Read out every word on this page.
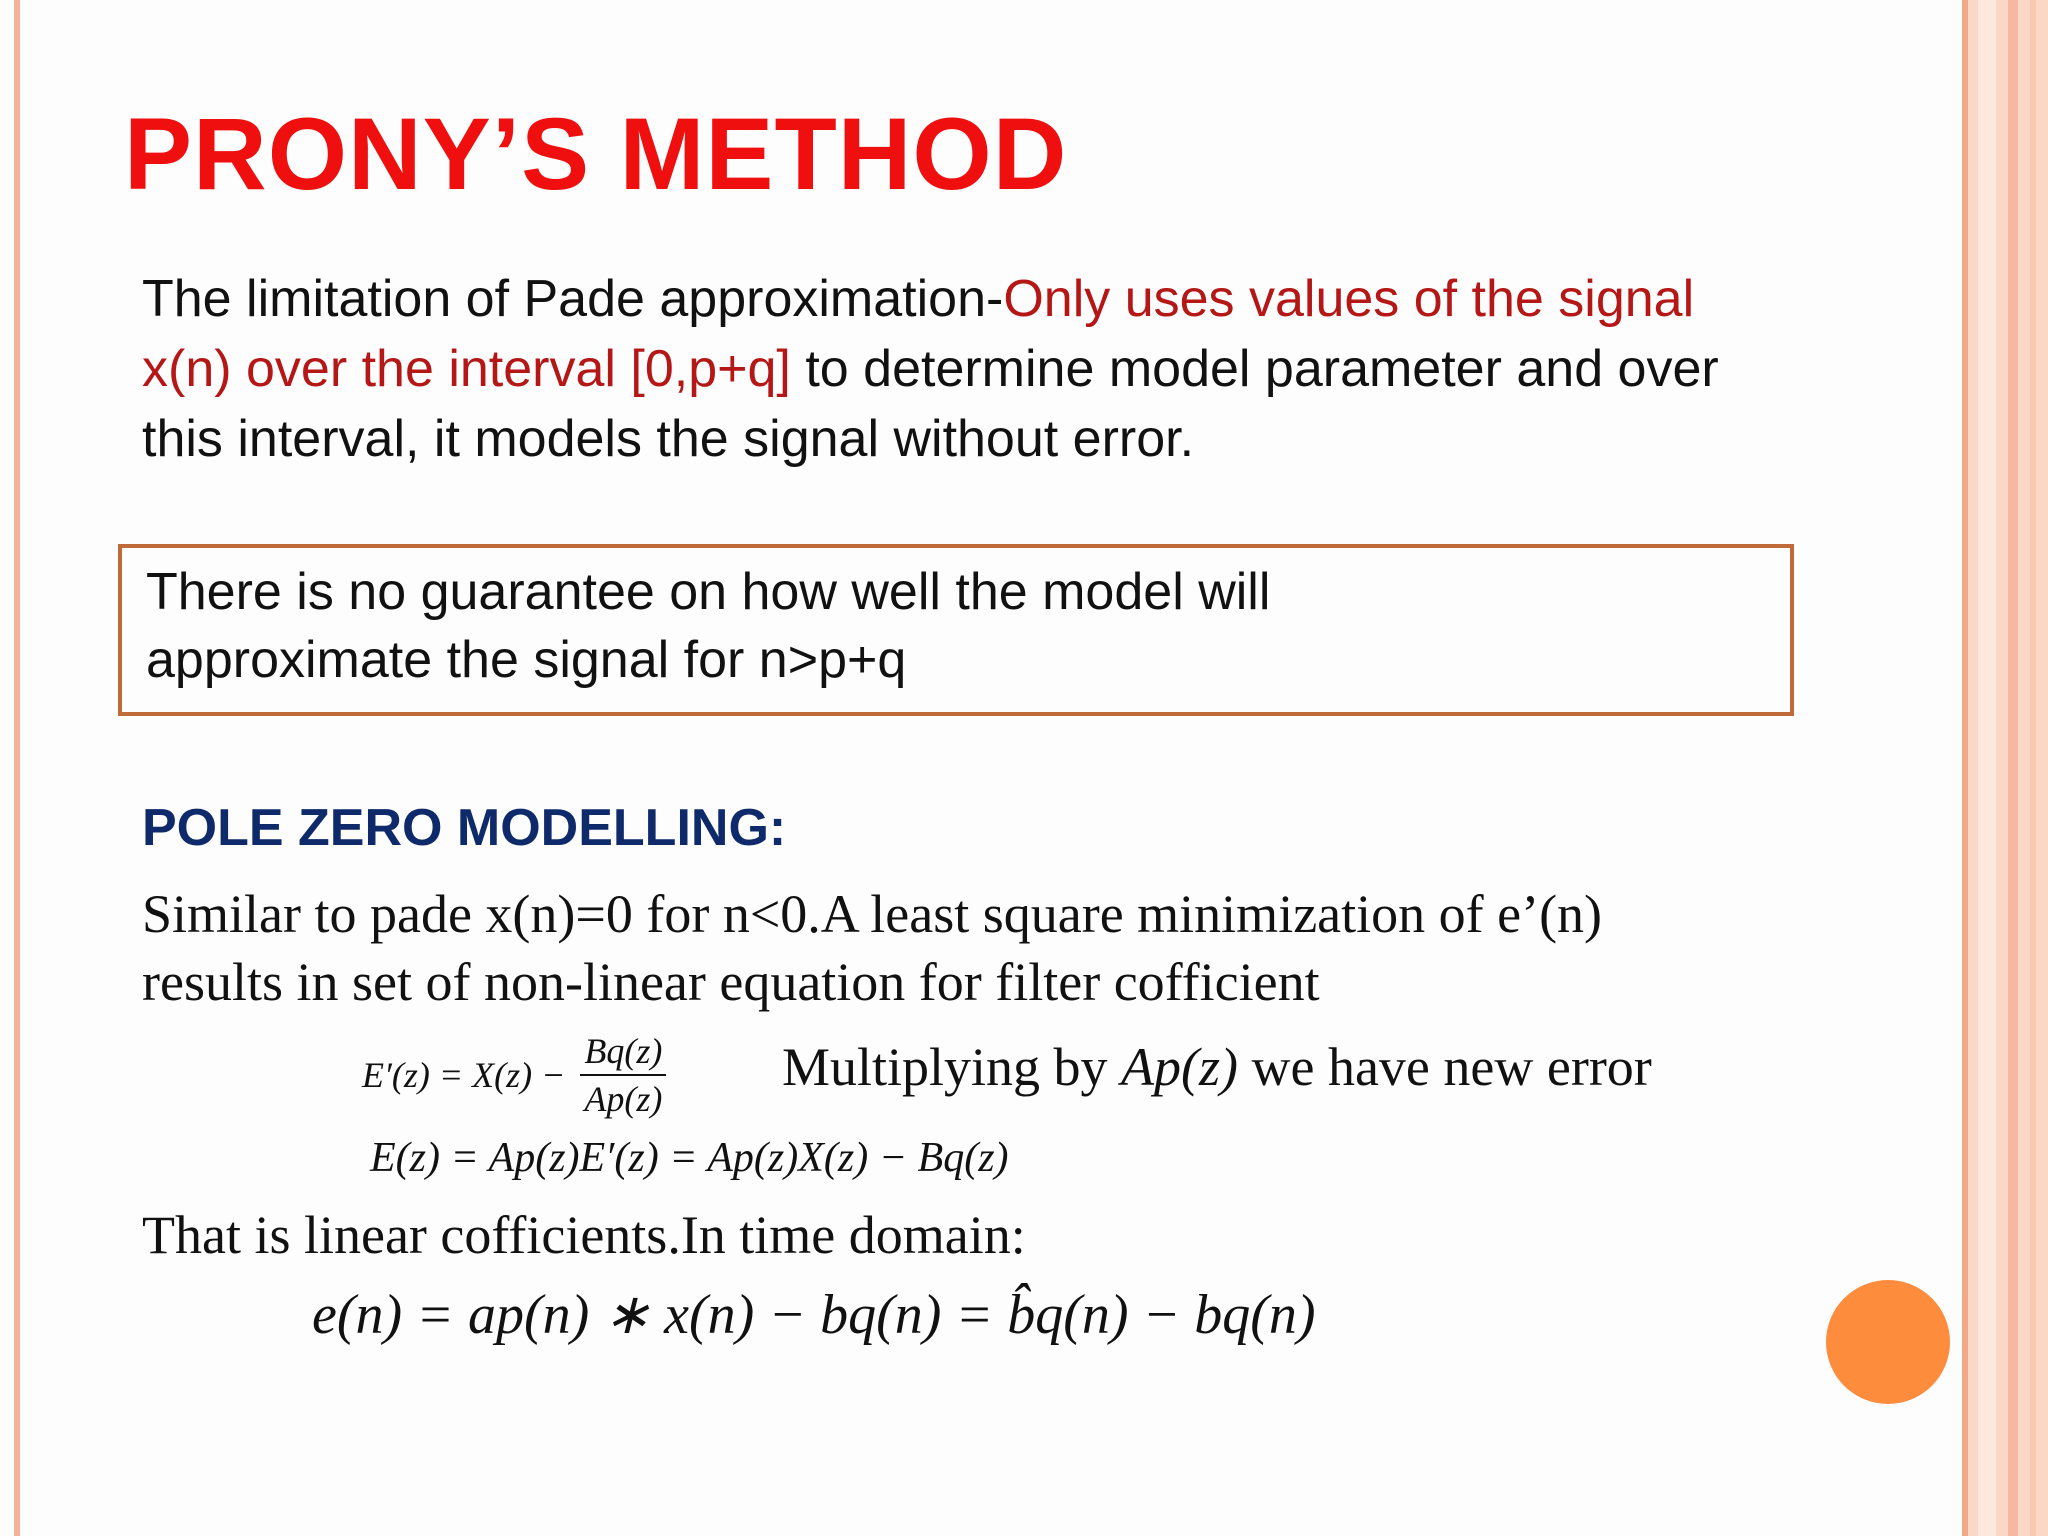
PRONY’S METHOD
The limitation of Pade approximation-Only uses values of the signal x(n) over the interval [0,p+q] to determine model parameter and over this interval, it models the signal without error.
There is no guarantee on how well the model will
approximate the signal for n>p+q
POLE ZERO MODELLING:
Similar to pade x(n)=0 for n<0.A least square minimization of e’(n)
results in set of non-linear equation for filter cofficient
$E'(z) = X(z) - \frac{Bq(z)}{Ap(z)}$ Multiplying by Ap(z) we have new error
E(z) = Ap(z)E′(z) = Ap(z)X(z) − Bq(z)
That is linear cofficients.In time domain:
e(n) = ap(n) ∗ x(n) − bq(n) = b̂q(n) − bq(n)
